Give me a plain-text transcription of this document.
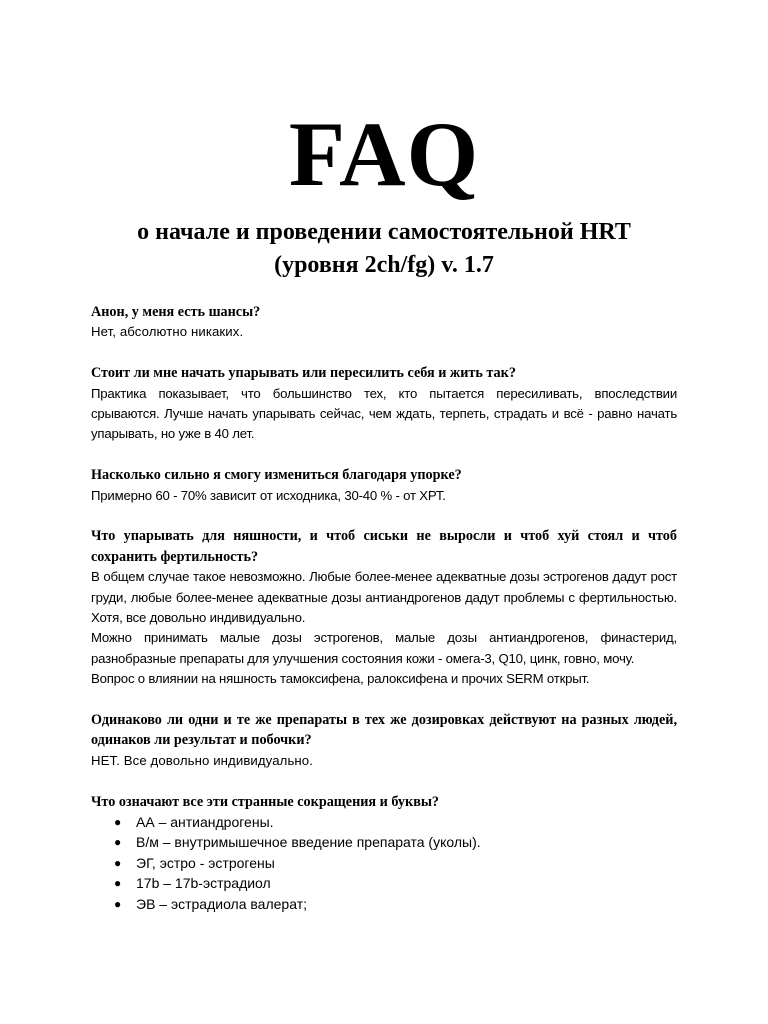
FAQ
о начале и проведении самостоятельной HRT
(уровня 2ch/fg) v. 1.7

Анон, у меня есть шансы?

Нет, абсолютно никаких.

Стоит ли мне начать упарывать или пересилить себя и жить так?

Практика показывает, что большинство тех, кто пытается пересиливать, впоследствии срываются. Лучше начать упарывать сейчас, чем ждать, терпеть, страдать и всё - равно начать упарывать, но уже в 40 лет.

Насколько сильно я смогу измениться благодаря упорке?

Примерно 60 - 70% зависит от исходника, 30-40 % - от ХРТ.

Что упарывать для няшности, и чтоб сиськи не выросли и чтоб хуй стоял и чтоб сохранить фертильность?

В общем случае такое невозможно. Любые более-менее адекватные дозы эстрогенов дадут рост груди, любые более-менее адекватные дозы антиандрогенов дадут проблемы с фертильностью. Хотя, все довольно индивидуально.

Можно принимать малые дозы эстрогенов, малые дозы антиандрогенов, финастерид, разнобразные препараты для улучшения состояния кожи - омега-3, Q10, цинк, говно, мочу.

Вопрос о влиянии на няшность тамоксифена, ралоксифена и прочих SERM открыт.

Одинаково ли одни и те же препараты в тех же дозировках действуют на разных людей, одинаков ли результат и побочки?

НЕТ. Все довольно индивидуально.

Что означают все эти странные сокращения и буквы?

● АА – антиандрогены.
● В/м – внутримышечное введение препарата (уколы).
● ЭГ, эстро - эстрогены
● 17b – 17b-эстрадиол
● ЭВ – эстрадиола валерат;
